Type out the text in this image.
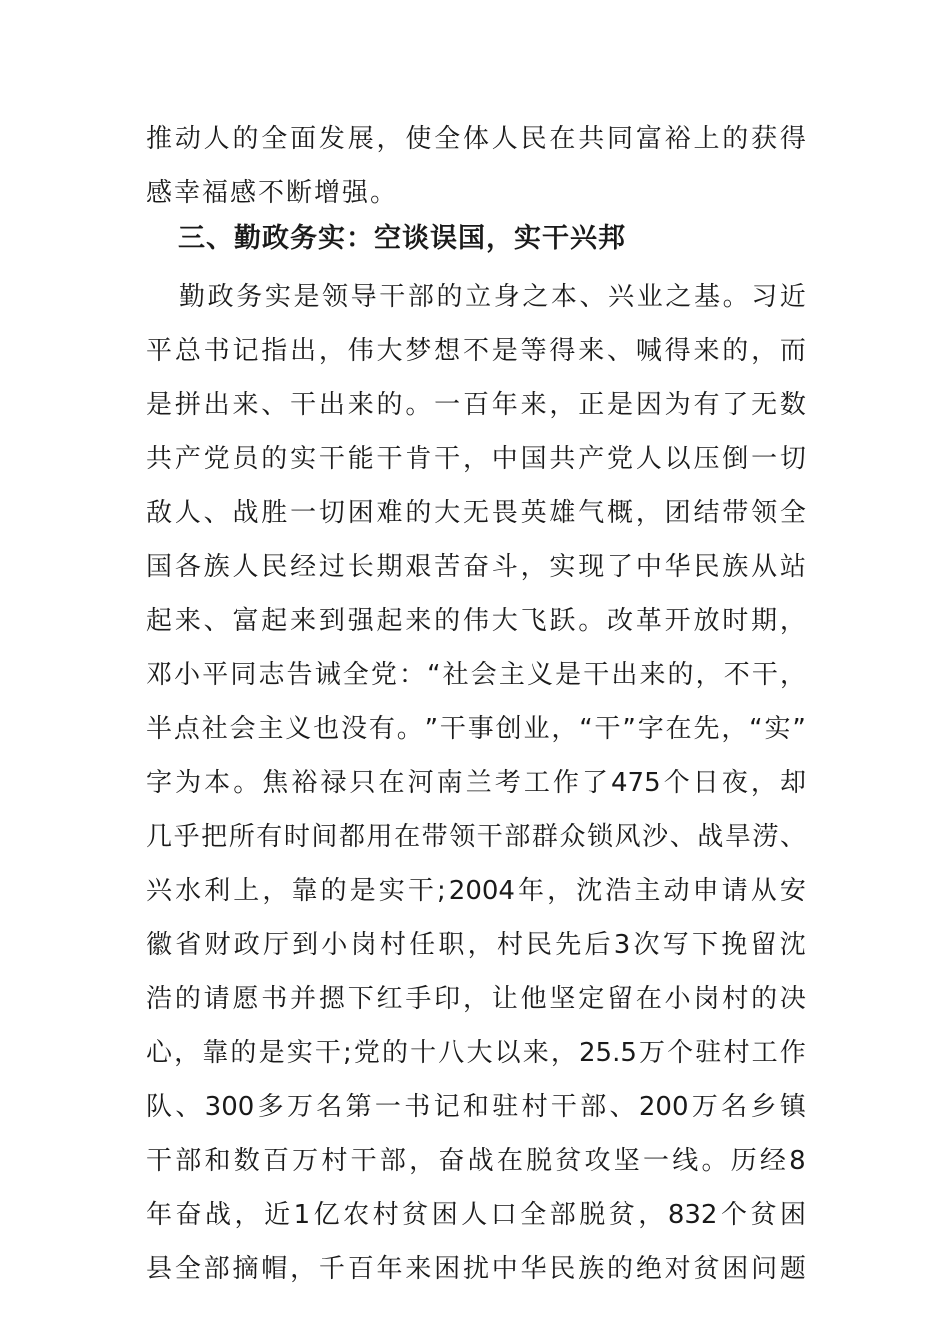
推 动 人 的 全 面 发 展 ， 使 全 体 人 民 在 共 同 富 裕 上 的 获 得
感幸福感不断增强。
三、勤政务实：空谈误国，实干兴邦
勤 政 务 实 是 领 导 干 部 的 立 身 之 本 、 兴 业 之 基 。 习 近
平 总 书 记 指 出 ， 伟 大 梦 想 不 是 等 得 来 、 喊 得 来 的 ， 而
是 拼 出 来 、 干 出 来 的 。 一 百 年 来 ， 正 是 因 为 有 了 无 数
共 产 党 员 的 实 干 能 干 肯 干 ， 中 国 共 产 党 人 以 压 倒 一 切
敌 人 、 战 胜 一 切 困 难 的 大 无 畏 英 雄 气 概 ， 团 结 带 领 全
国 各 族 人 民 经 过 长 期 艰 苦 奋 斗 ， 实 现 了 中 华 民 族 从 站
起 来 、 富 起 来 到 强 起 来 的 伟 大 飞 跃 。 改 革 开 放 时 期 ，
邓 小 平 同 志 告 诫 全 党 ： “ 社 会 主 义 是 干 出 来 的 ， 不 干 ，
半 点 社 会 主 义 也 没 有 。 ” 干 事 创 业 ， “ 干 ” 字 在 先 ， “ 实 ”
字 为 本 。 焦 裕 禄 只 在 河 南 兰 考 工 作 了 475 个 日 夜 ， 却
几 乎 把 所 有 时 间 都 用 在 带 领 干 部 群 众 锁 风 沙 、 战 旱 涝 、
兴 水 利 上 ， 靠 的 是 实 干 ; 2004 年 ， 沈 浩 主 动 申 请 从 安
徽 省 财 政 厅 到 小 岗 村 任 职 ， 村 民 先 后 3 次 写 下 挽 留 沈
浩 的 请 愿 书 并 摁 下 红 手 印 ， 让 他 坚 定 留 在 小 岗 村 的 决
心 ， 靠 的 是 实 干 ; 党 的 十 八 大 以 来 ， 25.5 万 个 驻 村 工 作
队 、 300 多 万 名 第 一 书 记 和 驻 村 干 部 、 200 万 名 乡 镇
干 部 和 数 百 万 村 干 部 ， 奋 战 在 脱 贫 攻 坚 一 线 。 历 经 8
年 奋 战 ， 近 1 亿 农 村 贫 困 人 口 全 部 脱 贫 ， 832 个 贫 困
县 全 部 摘 帽 ， 千 百 年 来 困 扰 中 华 民 族 的 绝 对 贫 困 问 题
